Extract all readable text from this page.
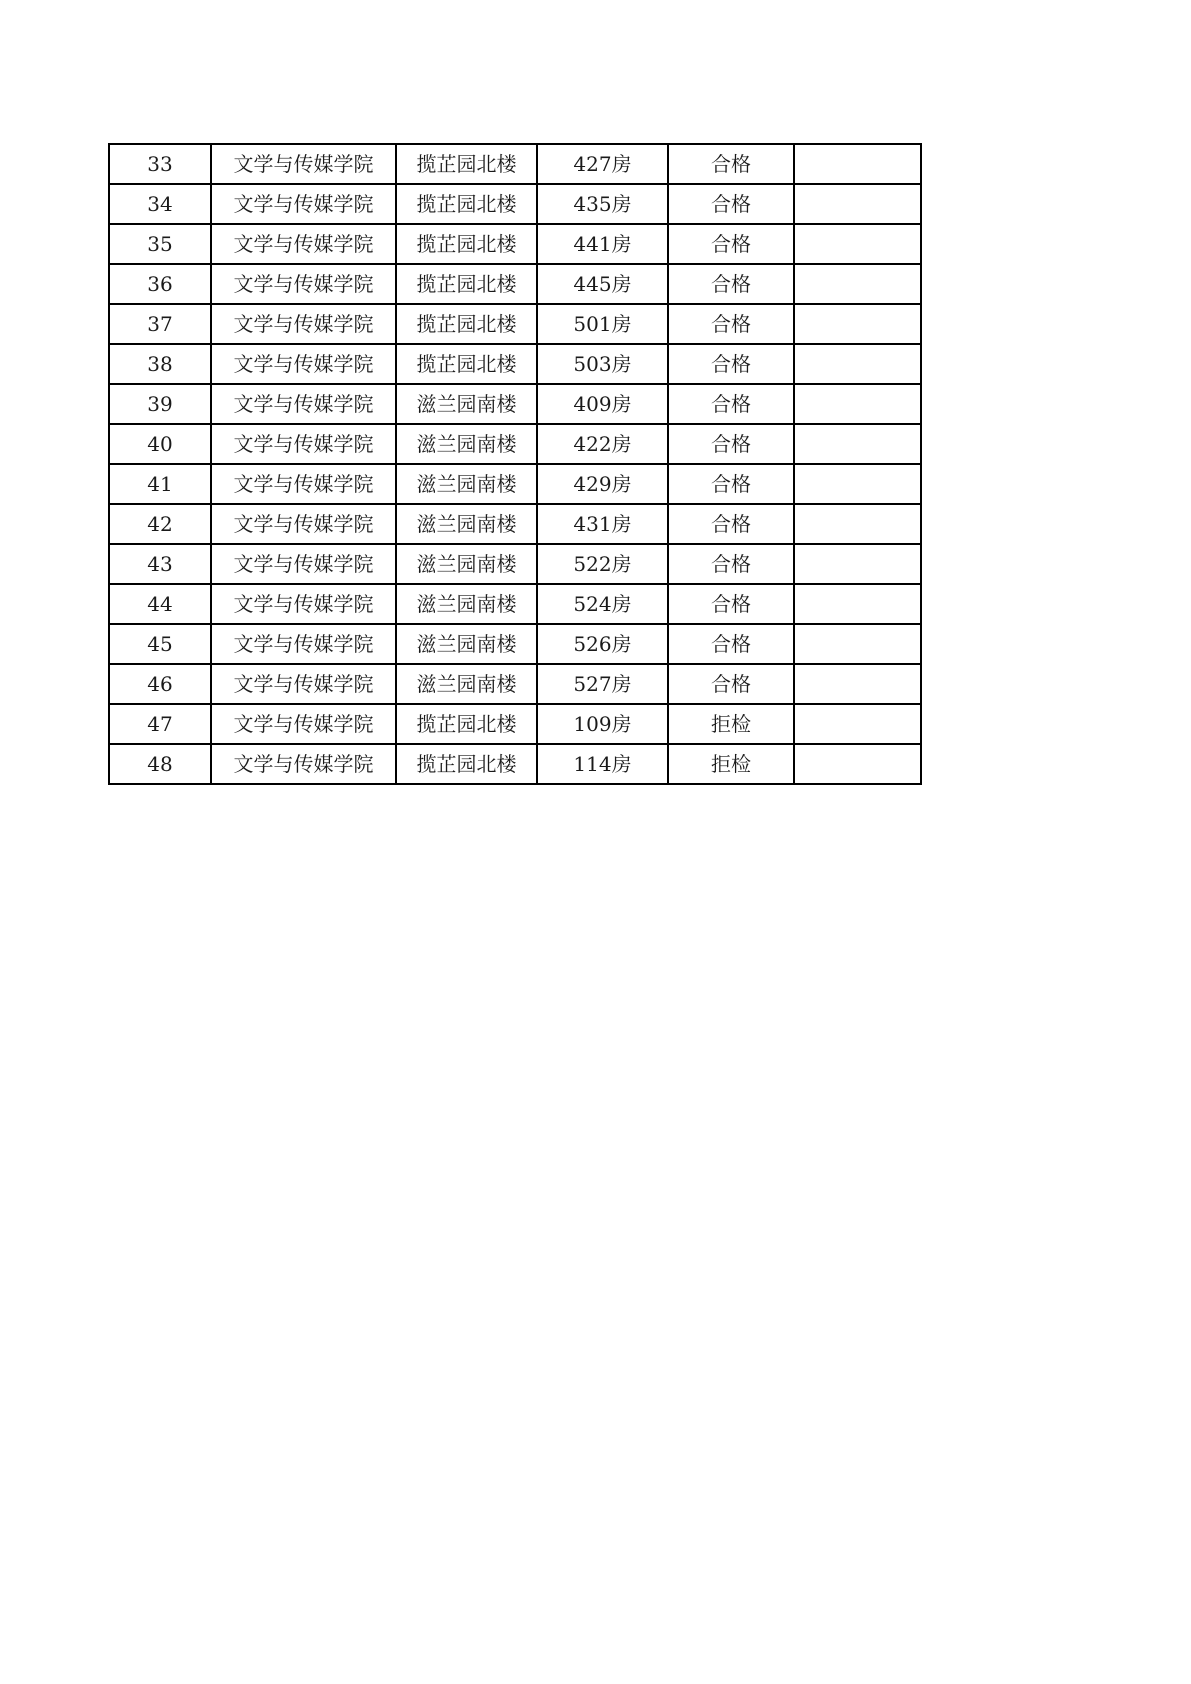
33	文学与传媒学院	揽芷园北楼	427房	合格	
34	文学与传媒学院	揽芷园北楼	435房	合格	
35	文学与传媒学院	揽芷园北楼	441房	合格	
36	文学与传媒学院	揽芷园北楼	445房	合格	
37	文学与传媒学院	揽芷园北楼	501房	合格	
38	文学与传媒学院	揽芷园北楼	503房	合格	
39	文学与传媒学院	滋兰园南楼	409房	合格	
40	文学与传媒学院	滋兰园南楼	422房	合格	
41	文学与传媒学院	滋兰园南楼	429房	合格	
42	文学与传媒学院	滋兰园南楼	431房	合格	
43	文学与传媒学院	滋兰园南楼	522房	合格	
44	文学与传媒学院	滋兰园南楼	524房	合格	
45	文学与传媒学院	滋兰园南楼	526房	合格	
46	文学与传媒学院	滋兰园南楼	527房	合格	
47	文学与传媒学院	揽芷园北楼	109房	拒检	
48	文学与传媒学院	揽芷园北楼	114房	拒检	
